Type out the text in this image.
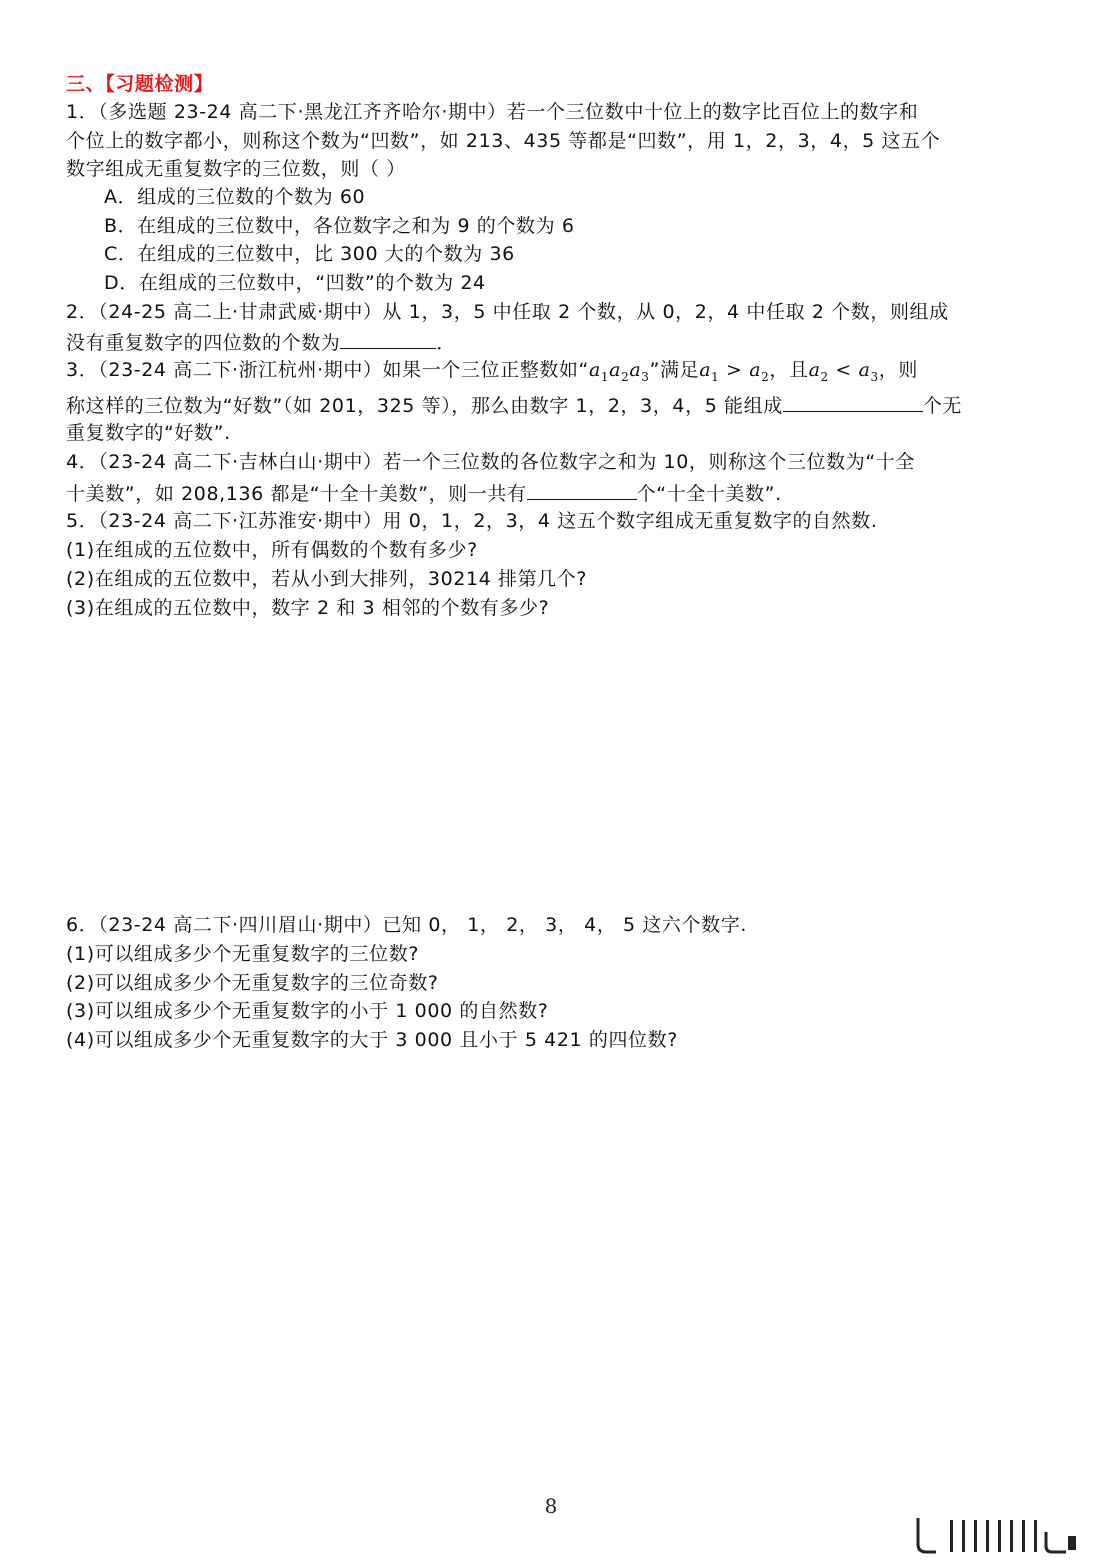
三、【习题检测】
1．（多选题 23-24 高二下·黑龙江齐齐哈尔·期中）若一个三位数中十位上的数字比百位上的数字和
个位上的数字都小，则称这个数为“凹数”，如 213、435 等都是“凹数”，用 1，2，3，4，5 这五个
数字组成无重复数字的三位数，则（ ）
A．组成的三位数的个数为 60
B．在组成的三位数中，各位数字之和为 9 的个数为 6
C．在组成的三位数中，比 300 大的个数为 36
D．在组成的三位数中，“凹数”的个数为 24
2．（24-25 高二上·甘肃武威·期中）从 1，3，5 中任取 2 个数，从 0，2，4 中任取 2 个数，则组成
没有重复数字的四位数的个数为	．
3．（23-24 高二下·浙江杭州·期中）如果一个三位正整数如“$a_1a_2a_3$”满足$a_1 > a_2$，且$a_2 < a_3$，则
称这样的三位数为“好数”（如 201，325 等），那么由数字 1，2，3，4，5 能组成	个无
重复数字的“好数”.
4．（23-24 高二下·吉林白山·期中）若一个三位数的各位数字之和为 10，则称这个三位数为“十全
十美数”，如 208,136 都是“十全十美数”，则一共有	个“十全十美数”.
5．（23-24 高二下·江苏淮安·期中）用 0，1，2，3，4 这五个数字组成无重复数字的自然数.
(1)在组成的五位数中，所有偶数的个数有多少?
(2)在组成的五位数中，若从小到大排列，30214 排第几个?
(3)在组成的五位数中，数字 2 和 3 相邻的个数有多少?
6．（23-24 高二下·四川眉山·期中）已知 0， 1， 2， 3， 4， 5 这六个数字.
(1)可以组成多少个无重复数字的三位数?
(2)可以组成多少个无重复数字的三位奇数?
(3)可以组成多少个无重复数字的小于 1 000 的自然数?
(4)可以组成多少个无重复数字的大于 3 000 且小于 5 421 的四位数?
8
